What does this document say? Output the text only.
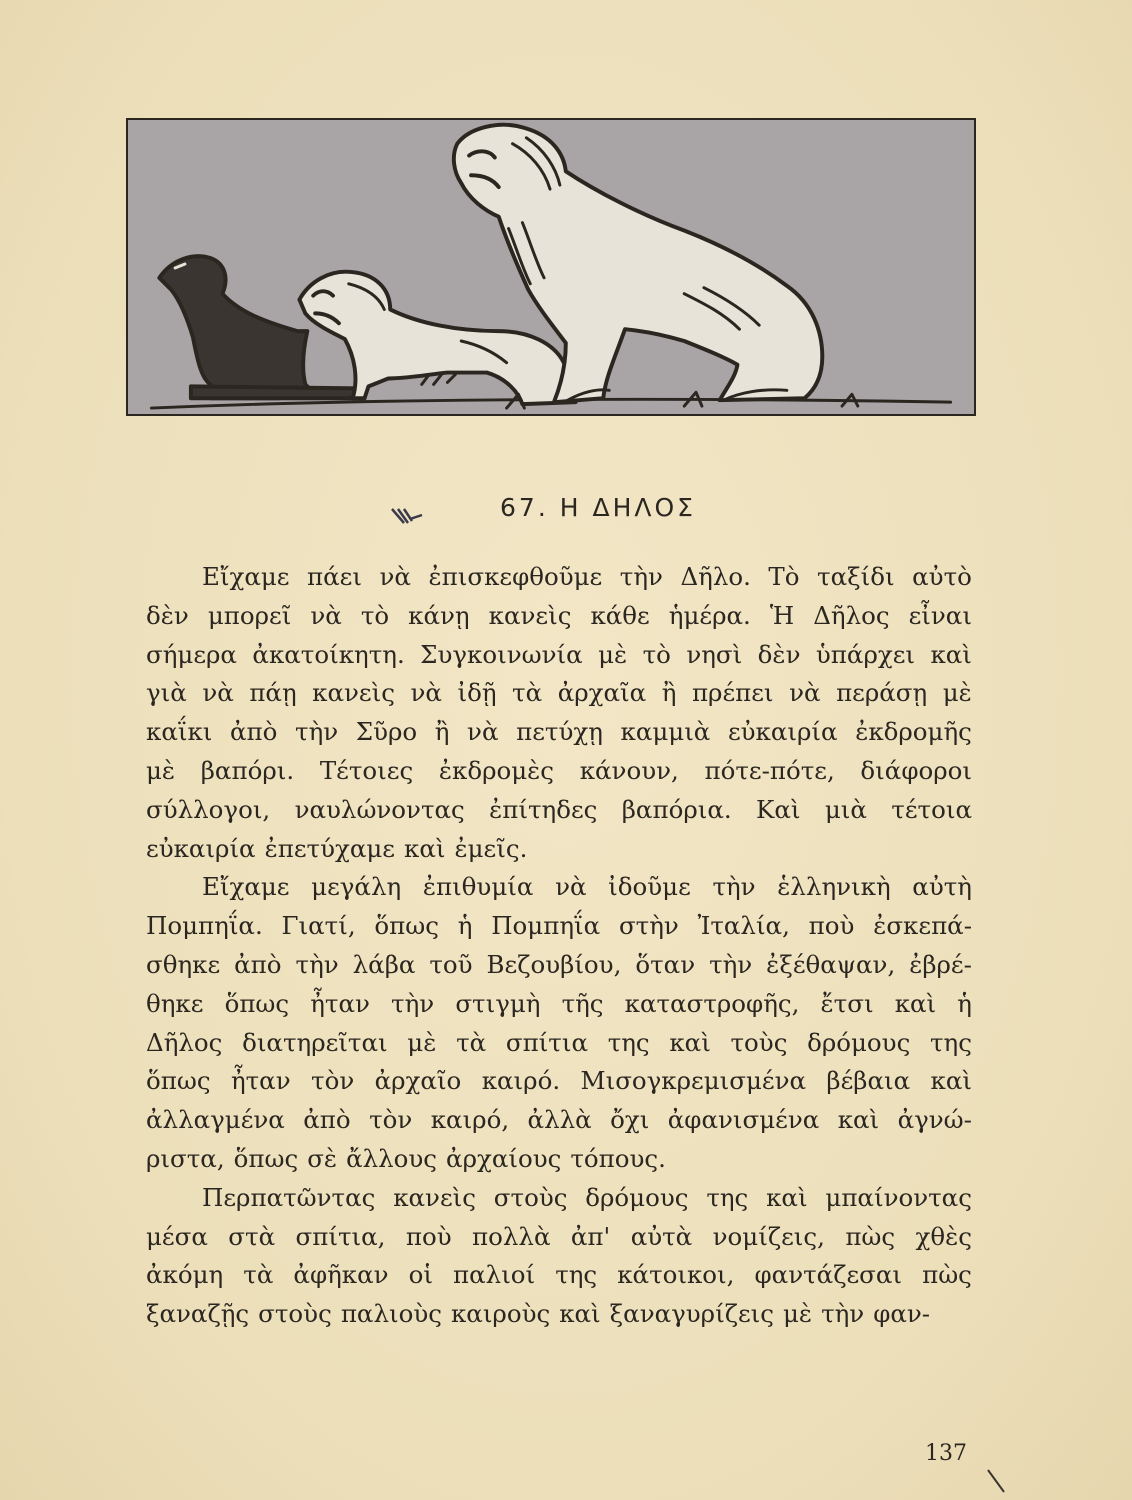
67. Η ΔΗΛΟΣ
Εἴχαμε πάει νὰ ἐπισκεφθοῦμε τὴν Δῆλο. Τὸ ταξίδι αὐτὸ
δὲν μπορεῖ νὰ τὸ κάνῃ κανεὶς κάθε ἡμέρα. Ἡ Δῆλος εἶναι
σήμερα ἀκατοίκητη. Συγκοινωνία μὲ τὸ νησὶ δὲν ὑπάρχει καὶ
γιὰ νὰ πάῃ κανεὶς νὰ ἰδῇ τὰ ἀρχαῖα ἢ πρέπει νὰ περάσῃ μὲ
καΐκι ἀπὸ τὴν Σῦρο ἢ νὰ πετύχῃ καμμιὰ εὐκαιρία ἐκδρομῆς
μὲ βαπόρι. Τέτοιες ἐκδρομὲς κάνουν, πότε-πότε, διάφοροι
σύλλογοι, ναυλώνοντας ἐπίτηδες βαπόρια. Καὶ μιὰ τέτοια
εὐκαιρία ἐπετύχαμε καὶ ἐμεῖς.
Εἴχαμε μεγάλη ἐπιθυμία νὰ ἰδοῦμε τὴν ἑλληνικὴ αὐτὴ
Πομπηΐα. Γιατί, ὅπως ἡ Πομπηΐα στὴν Ἰταλία, ποὺ ἐσκεπά-
σθηκε ἀπὸ τὴν λάβα τοῦ Βεζουβίου, ὅταν τὴν ἐξέθαψαν, ἐβρέ-
θηκε ὅπως ἦταν τὴν στιγμὴ τῆς καταστροφῆς, ἔτσι καὶ ἡ
Δῆλος διατηρεῖται μὲ τὰ σπίτια της καὶ τοὺς δρόμους της
ὅπως ἦταν τὸν ἀρχαῖο καιρό. Μισογκρεμισμένα βέβαια καὶ
ἀλλαγμένα ἀπὸ τὸν καιρό, ἀλλὰ ὄχι ἀφανισμένα καὶ ἀγνώ-
ριστα, ὅπως σὲ ἄλλους ἀρχαίους τόπους.
Περπατῶντας κανεὶς στοὺς δρόμους της καὶ μπαίνοντας
μέσα στὰ σπίτια, ποὺ πολλὰ ἀπ' αὐτὰ νομίζεις, πὼς χθὲς
ἀκόμη τὰ ἀφῆκαν οἱ παλιοί της κάτοικοι, φαντάζεσαι πὼς
ξαναζῇς στοὺς παλιοὺς καιροὺς καὶ ξαναγυρίζεις μὲ τὴν φαν-
137
